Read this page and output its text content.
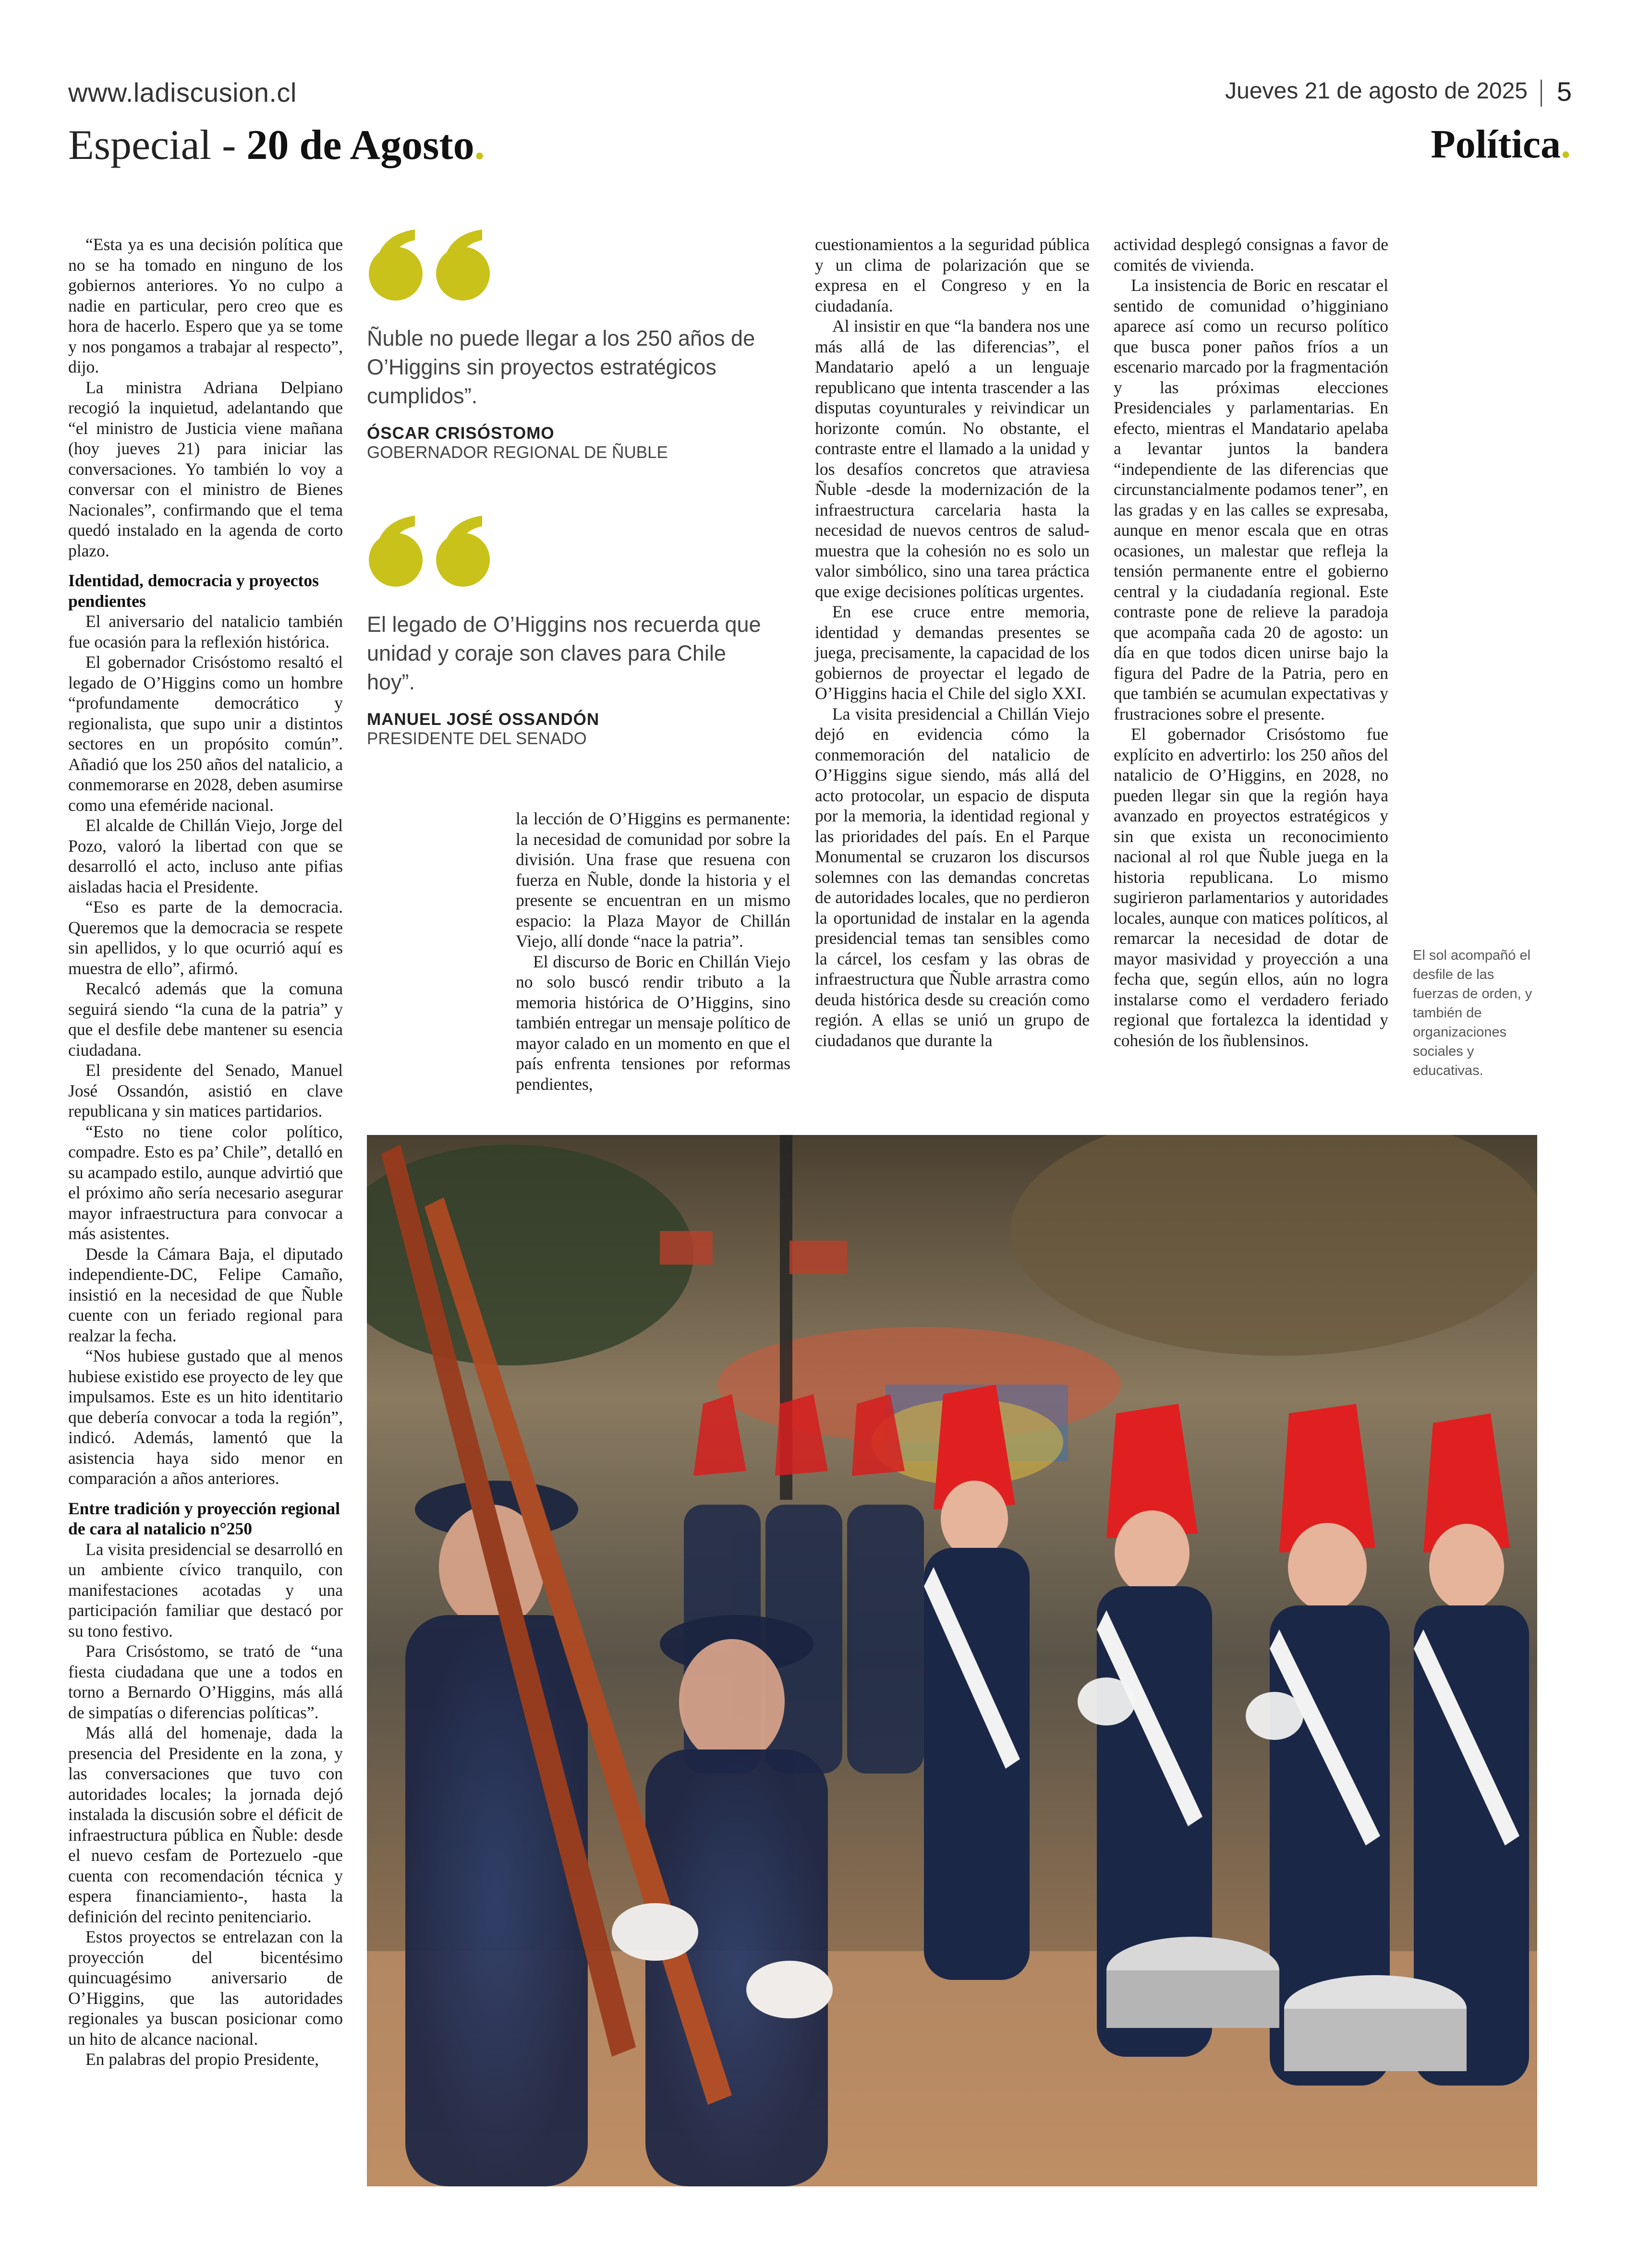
www.ladiscusion.cl	Jueves 21 de agosto de 2025 5
Especial - 20 de Agosto.	Política.

“Esta ya es una decisión política que no se ha tomado en ninguno de los gobiernos anteriores. Yo no culpo a nadie en particular, pero creo que es hora de hacerlo. Espero que ya se tome y nos pongamos a trabajar al respecto”, dijo.

La ministra Adriana Delpiano recogió la inquietud, adelantando que “el ministro de Justicia viene mañana (hoy jueves 21) para iniciar las conversaciones. Yo también lo voy a conversar con el ministro de Bienes Nacionales”, confirmando que el tema quedó instalado en la agenda de corto plazo.

Identidad, democracia y proyectos pendientes

El aniversario del natalicio también fue ocasión para la reflexión histórica.

El gobernador Crisóstomo resaltó el legado de O’Higgins como un hombre “profundamente democrático y regionalista, que supo unir a distintos sectores en un propósito común”. Añadió que los 250 años del natalicio, a conmemorarse en 2028, deben asumirse como una efeméride nacional.

El alcalde de Chillán Viejo, Jorge del Pozo, valoró la libertad con que se desarrolló el acto, incluso ante pifias aisladas hacia el Presidente.

“Eso es parte de la democracia. Queremos que la democracia se respete sin apellidos, y lo que ocurrió aquí es muestra de ello”, afirmó.

Recalcó además que la comuna seguirá siendo “la cuna de la patria” y que el desfile debe mantener su esencia ciudadana.

El presidente del Senado, Manuel José Ossandón, asistió en clave republicana y sin matices partidarios.

“Esto no tiene color político, compadre. Esto es pa’ Chile”, detalló en su acampado estilo, aunque advirtió que el próximo año sería necesario asegurar mayor infraestructura para convocar a más asistentes.

Desde la Cámara Baja, el diputado independiente-DC, Felipe Camaño, insistió en la necesidad de que Ñuble cuente con un feriado regional para realzar la fecha.

“Nos hubiese gustado que al menos hubiese existido ese proyecto de ley que impulsamos. Este es un hito identitario que debería convocar a toda la región”, indicó. Además, lamentó que la asistencia haya sido menor en comparación a años anteriores.

Entre tradición y proyección regional de cara al natalicio n°250

La visita presidencial se desarrolló en un ambiente cívico tranquilo, con manifestaciones acotadas y una participación familiar que destacó por su tono festivo.

Para Crisóstomo, se trató de “una fiesta ciudadana que une a todos en torno a Bernardo O’Higgins, más allá de simpatías o diferencias políticas”.

Más allá del homenaje, dada la presencia del Presidente en la zona, y las conversaciones que tuvo con autoridades locales; la jornada dejó instalada la discusión sobre el déficit de infraestructura pública en Ñuble: desde el nuevo cesfam de Portezuelo -que cuenta con recomendación técnica y espera financiamiento-, hasta la definición del recinto penitenciario.

Estos proyectos se entrelazan con la proyección del bicentésimo quincuagésimo aniversario de O’Higgins, que las autoridades regionales ya buscan posicionar como un hito de alcance nacional.

En palabras del propio Presidente,

la lección de O’Higgins es permanente: la necesidad de comunidad por sobre la división. Una frase que resuena con fuerza en Ñuble, donde la historia y el presente se encuentran en un mismo espacio: la Plaza Mayor de Chillán Viejo, allí donde “nace la patria”.

El discurso de Boric en Chillán Viejo no solo buscó rendir tributo a la memoria histórica de O’Higgins, sino también entregar un mensaje político de mayor calado en un momento en que el país enfrenta tensiones por reformas pendientes,

cuestionamientos a la seguridad pública y un clima de polarización que se expresa en el Congreso y en la ciudadanía.

Al insistir en que “la bandera nos une más allá de las diferencias”, el Mandatario apeló a un lenguaje republicano que intenta trascender a las disputas coyunturales y reivindicar un horizonte común. No obstante, el contraste entre el llamado a la unidad y los desafíos concretos que atraviesa Ñuble -desde la modernización de la infraestructura carcelaria hasta la necesidad de nuevos centros de salud- muestra que la cohesión no es solo un valor simbólico, sino una tarea práctica que exige decisiones políticas urgentes.

En ese cruce entre memoria, identidad y demandas presentes se juega, precisamente, la capacidad de los gobiernos de proyectar el legado de O’Higgins hacia el Chile del siglo XXI.

La visita presidencial a Chillán Viejo dejó en evidencia cómo la conmemoración del natalicio de O’Higgins sigue siendo, más allá del acto protocolar, un espacio de disputa por la memoria, la identidad regional y las prioridades del país. En el Parque Monumental se cruzaron los discursos solemnes con las demandas concretas de autoridades locales, que no perdieron la oportunidad de instalar en la agenda presidencial temas tan sensibles como la cárcel, los cesfam y las obras de infraestructura que Ñuble arrastra como deuda histórica desde su creación como región. A ellas se unió un grupo de ciudadanos que durante la

actividad desplegó consignas a favor de comités de vivienda.

La insistencia de Boric en rescatar el sentido de comunidad o’higginiano aparece así como un recurso político que busca poner paños fríos a un escenario marcado por la fragmentación y las próximas elecciones Presidenciales y parlamentarias. En efecto, mientras el Mandatario apelaba a levantar juntos la bandera “independiente de las diferencias que circunstancialmente podamos tener”, en las gradas y en las calles se expresaba, aunque en menor escala que en otras ocasiones, un malestar que refleja la tensión permanente entre el gobierno central y la ciudadanía regional. Este contraste pone de relieve la paradoja que acompaña cada 20 de agosto: un día en que todos dicen unirse bajo la figura del Padre de la Patria, pero en que también se acumulan expectativas y frustraciones sobre el presente.

El gobernador Crisóstomo fue explícito en advertirlo: los 250 años del natalicio de O’Higgins, en 2028, no pueden llegar sin que la región haya avanzado en proyectos estratégicos y sin que exista un reconocimiento nacional al rol que Ñuble juega en la historia republicana. Lo mismo sugirieron parlamentarios y autoridades locales, aunque con matices políticos, al remarcar la necesidad de dotar de mayor masividad y proyección a una fecha que, según ellos, aún no logra instalarse como el verdadero feriado regional que fortalezca la identidad y cohesión de los ñublensinos.

Ñuble no puede llegar a los 250 años de O’Higgins sin proyectos estratégicos cumplidos”.
ÓSCAR CRISÓSTOMO
GOBERNADOR REGIONAL DE ÑUBLE
El legado de O’Higgins nos recuerda que unidad y coraje son claves para Chile hoy”.
MANUEL JOSÉ OSSANDÓN
PRESIDENTE DEL SENADO
El sol acompañó el desfile de las fuerzas de orden, y también de organizaciones sociales y educativas.
